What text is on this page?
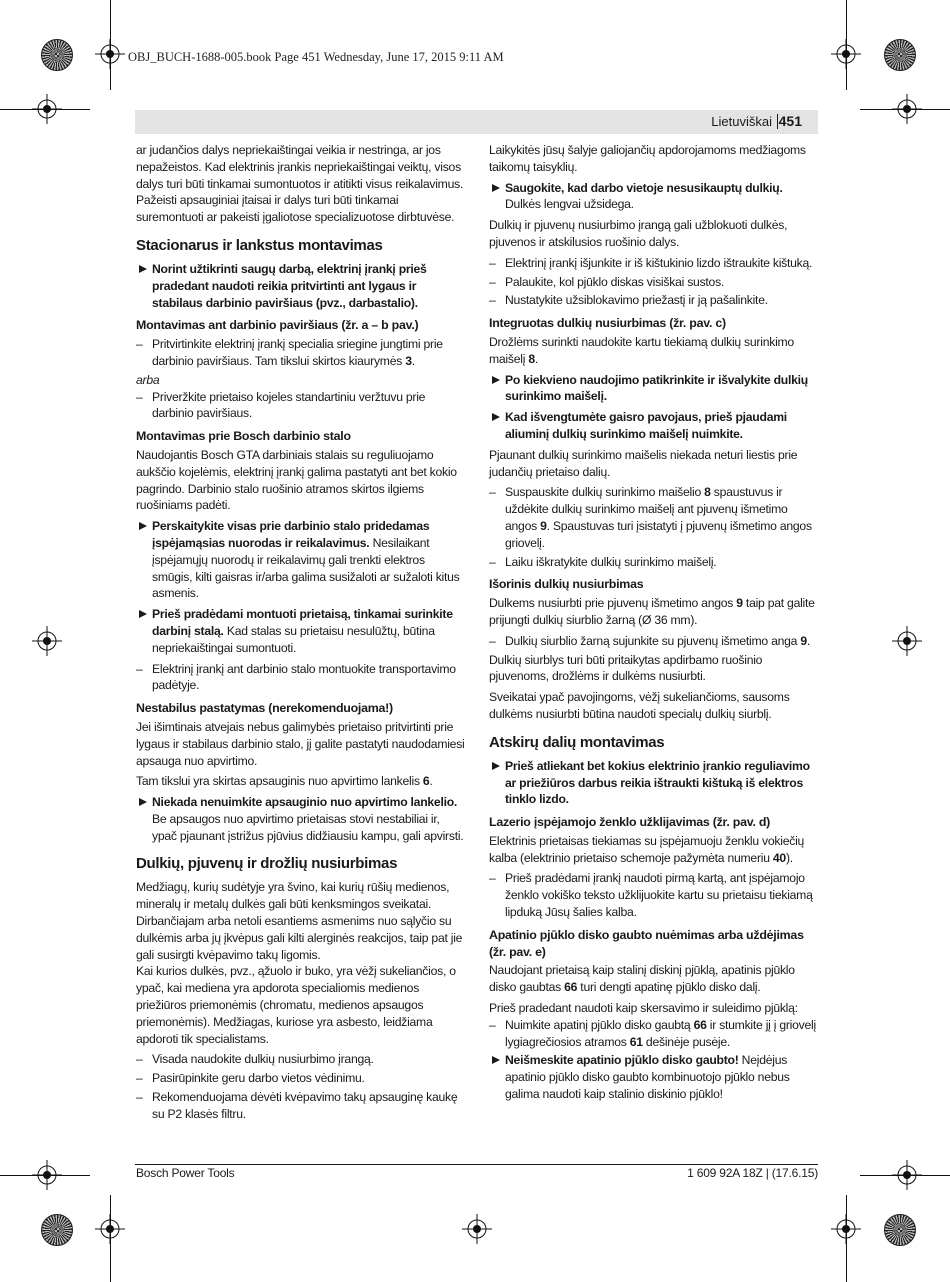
OBJ_BUCH-1688-005.book Page 451 Wednesday, June 17, 2015 9:11 AM
Lietuviškai 451

ar judančios dalys nepriekaištingai veikia ir nestringa, ar jos nepažeistos. Kad elektrinis įrankis nepriekaištingai veiktų, visos dalys turi būti tinkamai sumontuotos ir atitikti visus reikalavimus.

Pažeisti apsauginiai įtaisai ir dalys turi būti tinkamai suremontuoti ar pakeisti įgaliotose specializuotose dirbtuvėse.

Stacionarus ir lankstus montavimas
Norint užtikrinti saugų darbą, elektrinį įrankį prieš pradedant naudoti reikia pritvirtinti ant lygaus ir stabilaus darbinio paviršiaus (pvz., darbastalio).
Montavimas ant darbinio paviršiaus (žr. a – b pav.)
– Pritvirtinkite elektrinį įrankį specialia sriegine jungtimi prie darbinio paviršiaus. Tam tikslui skirtos kiaurymės 3.
arba
– Priveržkite prietaiso kojeles standartiniu veržtuvu prie darbinio paviršiaus.
Montavimas prie Bosch darbinio stalo

Naudojantis Bosch GTA darbiniais stalais su reguliuojamo aukščio kojelėmis, elektrinį įrankį galima pastatyti ant bet kokio pagrindo. Darbinio stalo ruošinio atramos skirtos ilgiems ruošiniams padėti.

Perskaitykite visas prie darbinio stalo pridedamas įspėjamąsias nuorodas ir reikalavimus. Nesilaikant įspėjamųjų nuorodų ir reikalavimų gali trenkti elektros smūgis, kilti gaisras ir/arba galima susižaloti ar sužaloti kitus asmenis.
Prieš pradėdami montuoti prietaisą, tinkamai surinkite darbinį stalą. Kad stalas su prietaisu nesulūžtų, būtina nepriekaištingai sumontuoti.
– Elektrinį įrankį ant darbinio stalo montuokite transportavimo padėtyje.
Nestabilus pastatymas (nerekomenduojama!)

Jei išimtinais atvejais nebus galimybės prietaiso pritvirtinti prie lygaus ir stabilaus darbinio stalo, jį galite pastatyti naudodamiesi apsauga nuo apvirtimo.

Tam tikslui yra skirtas apsauginis nuo apvirtimo lankelis 6.

Niekada nenuimkite apsauginio nuo apvirtimo lankelio. Be apsaugos nuo apvirtimo prietaisas stovi nestabiliai ir, ypač pjaunant įstrižus pjūvius didžiausiu kampu, gali apvirsti.
Dulkių, pjuvenų ir drožlių nusiurbimas

Medžiagų, kurių sudėtyje yra švino, kai kurių rūšių medienos, mineralų ir metalų dulkės gali būti kenksmingos sveikatai. Dirbančiajam arba netoli esantiems asmenims nuo sąlyčio su dulkėmis arba jų įkvėpus gali kilti alerginės reakcijos, taip pat jie gali susirgti kvėpavimo takų ligomis.

Kai kurios dulkės, pvz., ąžuolo ir buko, yra vėžį sukeliančios, o ypač, kai mediena yra apdorota specialiomis medienos priežiūros priemonėmis (chromatu, medienos apsaugos priemonėmis). Medžiagas, kuriose yra asbesto, leidžiama apdoroti tik specialistams.

– Visada naudokite dulkių nusiurbimo įrangą.
– Pasirūpinkite geru darbo vietos vėdinimu.
– Rekomenduojama dėvėti kvėpavimo takų apsauginę kaukę su P2 klasės filtru.

Laikykitės jūsų šalyje galiojančių apdorojamoms medžiagoms taikomų taisyklių.

Saugokite, kad darbo vietoje nesusikauptų dulkių. Dulkės lengvai užsidega.

Dulkių ir pjuvenų nusiurbimo įrangą gali užblokuoti dulkės, pjuvenos ir atskilusios ruošinio dalys.

– Elektrinį įrankį išjunkite ir iš kištukinio lizdo ištraukite kištuką.
– Palaukite, kol pjūklo diskas visiškai sustos.
– Nustatykite užsiblokavimo priežastį ir ją pašalinkite.
Integruotas dulkių nusiurbimas (žr. pav. c)

Drožlėms surinkti naudokite kartu tiekiamą dulkių surinkimo maišelį 8.

Po kiekvieno naudojimo patikrinkite ir išvalykite dulkių surinkimo maišelį.
Kad išvengtumėte gaisro pavojaus, prieš pjaudami aliuminį dulkių surinkimo maišelį nuimkite.

Pjaunant dulkių surinkimo maišelis niekada neturi liestis prie judančių prietaiso dalių.

– Suspauskite dulkių surinkimo maišelio 8 spaustuvus ir uždėkite dulkių surinkimo maišelį ant pjuvenų išmetimo angos 9. Spaustuvas turi įsistatyti į pjuvenų išmetimo angos griovelį.
– Laiku iškratykite dulkių surinkimo maišelį.
Išorinis dulkių nusiurbimas

Dulkems nusiurbti prie pjuvenų išmetimo angos 9 taip pat galite prijungti dulkių siurblio žarną (Ø 36 mm).

– Dulkių siurblio žarną sujunkite su pjuvenų išmetimo anga 9.

Dulkių siurblys turi būti pritaikytas apdirbamo ruošinio pjuvenoms, drožlėms ir dulkėms nusiurbti.

Sveikatai ypač pavojingoms, vėžį sukeliančioms, sausoms dulkėms nusiurbti būtina naudoti specialų dulkių siurblį.

Atskirų dalių montavimas
Prieš atliekant bet kokius elektrinio įrankio reguliavimo ar priežiūros darbus reikia ištraukti kištuką iš elektros tinklo lizdo.
Lazerio įspėjamojo ženklo užklijavimas (žr. pav. d)

Elektrinis prietaisas tiekiamas su įspėjamuoju ženklu vokiečių kalba (elektrinio prietaiso schemoje pažymėta numeriu 40).

– Prieš pradėdami įrankį naudoti pirmą kartą, ant įspėjamojo ženklo vokiško teksto užklijuokite kartu su prietaisu tiekiamą lipduką Jūsų šalies kalba.
Apatinio pjūklo disko gaubto nuėmimas arba uždėjimas (žr. pav. e)

Naudojant prietaisą kaip stalinį diskinį pjūklą, apatinis pjūklo disko gaubtas 66 turi dengti apatinę pjūklo disko dalį.

Prieš pradedant naudoti kaip skersavimo ir suleidimo pjūklą:

– Nuimkite apatinį pjūklo disko gaubtą 66 ir stumkite jį į griovelį lygiagrečiosios atramos 61 dešinėje pusėje.
Neišmeskite apatinio pjūklo disko gaubto! Neįdėjus apatinio pjūklo disko gaubto kombinuotojo pjūklo nebus galima naudoti kaip stalinio diskinio pjūklo!
Bosch Power Tools	1 609 92A 18Z | (17.6.15)
